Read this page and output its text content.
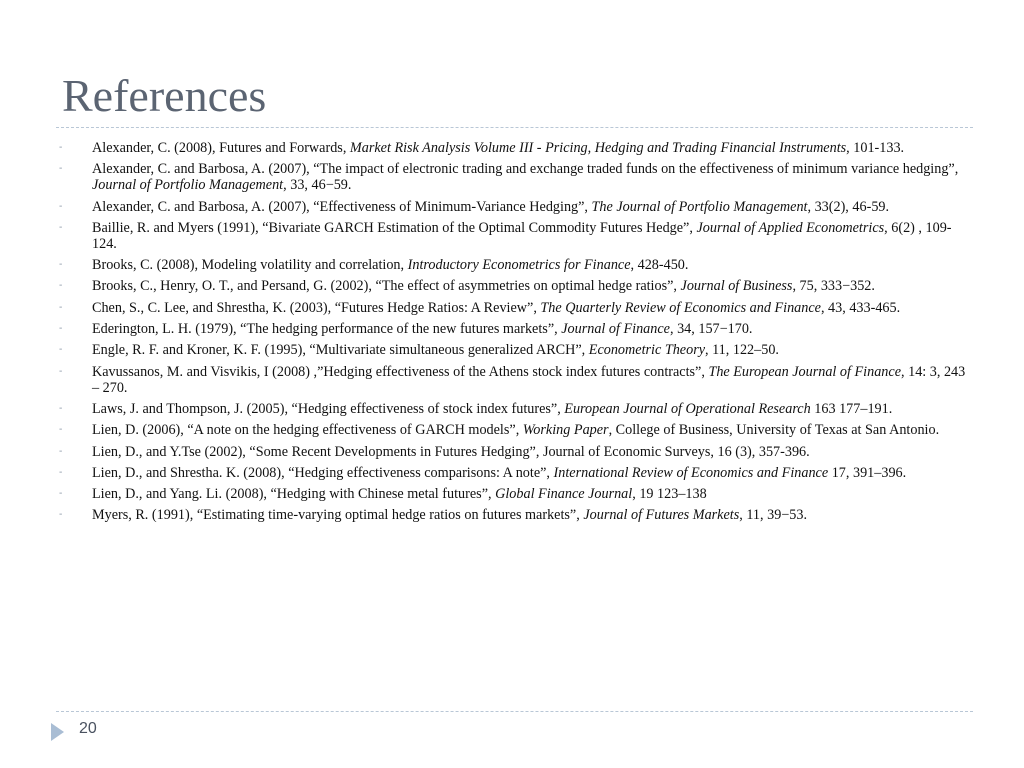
References
- Alexander, C. (2008), Futures and Forwards, Market Risk Analysis Volume III - Pricing, Hedging and Trading Financial Instruments, 101-133.
- Alexander, C. and Barbosa, A. (2007), “The impact of electronic trading and exchange traded funds on the effectiveness of minimum variance hedging”, Journal of Portfolio Management, 33, 46−59.
- Alexander, C. and Barbosa, A. (2007), “Effectiveness of Minimum-Variance Hedging”, The Journal of Portfolio Management, 33(2), 46-59.
- Baillie, R. and Myers (1991), “Bivariate GARCH Estimation of the Optimal Commodity Futures Hedge”, Journal of Applied Econometrics, 6(2) , 109-124.
- Brooks, C. (2008), Modeling volatility and correlation, Introductory Econometrics for Finance, 428-450.
- Brooks, C., Henry, O. T., and Persand, G. (2002), “The effect of asymmetries on optimal hedge ratios”, Journal of Business, 75, 333−352.
- Chen, S., C. Lee, and Shrestha, K. (2003), “Futures Hedge Ratios: A Review”, The Quarterly Review of Economics and Finance, 43, 433-465.
- Ederington, L. H. (1979), “The hedging performance of the new futures markets”, Journal of Finance, 34, 157−170.
- Engle, R. F. and Kroner, K. F. (1995), “Multivariate simultaneous generalized ARCH”, Econometric Theory, 11, 122–50.
- Kavussanos, M. and Visvikis, I (2008) ,”Hedging effectiveness of the Athens stock index futures contracts”, The European Journal of Finance, 14: 3, 243 – 270.
- Laws, J. and Thompson, J. (2005), “Hedging effectiveness of stock index futures”, European Journal of Operational Research 163 177–191.
- Lien, D. (2006), “A note on the hedging effectiveness of GARCH models”, Working Paper, College of Business, University of Texas at San Antonio.
- Lien, D., and Y.Tse (2002), “Some Recent Developments in Futures Hedging”, Journal of Economic Surveys, 16 (3), 357-396.
- Lien, D., and Shrestha. K. (2008), “Hedging effectiveness comparisons: A note”, International Review of Economics and Finance 17, 391–396.
- Lien, D., and Yang. Li. (2008), “Hedging with Chinese metal futures”, Global Finance Journal, 19 123–138
- Myers, R. (1991), “Estimating time-varying optimal hedge ratios on futures markets”, Journal of Futures Markets, 11, 39−53.
20
